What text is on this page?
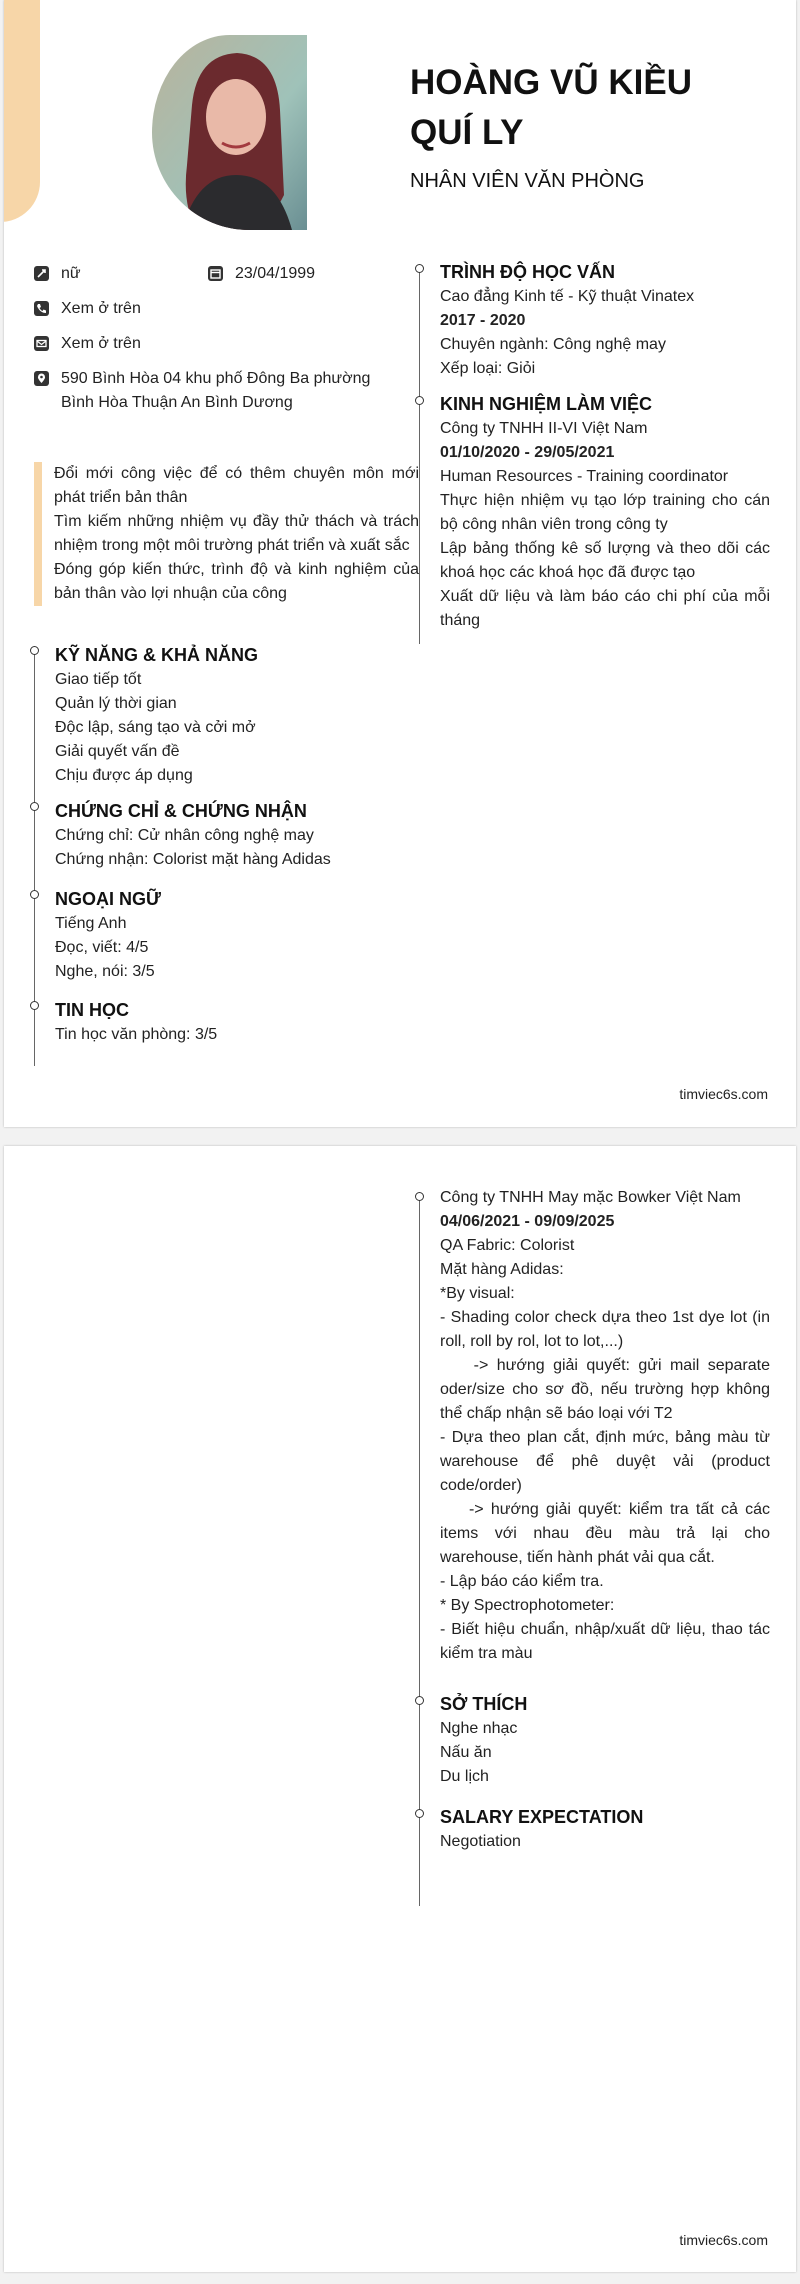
HOÀNG VŨ KIỀU QUÍ LY
NHÂN VIÊN VĂN PHÒNG
nữ	23/04/1999
Xem ở trên
Xem ở trên
590 Bình Hòa 04 khu phố Đông Ba phường Bình Hòa Thuận An Bình Dương

Đổi mới công việc để có thêm chuyên môn mới phát triển bản thân

Tìm kiếm những nhiệm vụ đầy thử thách và trách nhiệm trong một môi trường phát triển và xuất sắc

Đóng góp kiến thức, trình độ và kinh nghiệm của bản thân vào lợi nhuận của công

KỸ NĂNG & KHẢ NĂNG
Giao tiếp tốt
Quản lý thời gian
Độc lập, sáng tạo và cởi mở
Giải quyết vấn đề
Chịu được áp dụng
CHỨNG CHỈ & CHỨNG NHẬN
Chứng chỉ: Cử nhân công nghệ may
Chứng nhận: Colorist mặt hàng Adidas
NGOẠI NGỮ
Tiếng Anh
Đọc, viết: 4/5
Nghe, nói: 3/5
TIN HỌC
Tin học văn phòng: 3/5
TRÌNH ĐỘ HỌC VẤN
Cao đẳng Kinh tế - Kỹ thuật Vinatex
2017 - 2020
Chuyên ngành: Công nghệ may
Xếp loại: Giỏi
KINH NGHIỆM LÀM VIỆC
Công ty TNHH II-VI Việt Nam
01/10/2020 - 29/05/2021
Human Resources - Training coordinator
Thực hiện nhiệm vụ tạo lớp training cho cán bộ công nhân viên trong công ty
Lập bảng thống kê số lượng và theo dõi các khoá học các khoá học đã được tạo
Xuất dữ liệu và làm báo cáo chi phí của mỗi tháng
timviec6s.com
Công ty TNHH May mặc Bowker Việt Nam
04/06/2021 - 09/09/2025
QA Fabric: Colorist
Mặt hàng Adidas:
*By visual:
- Shading color check dựa theo 1st dye lot (in roll, roll by rol, lot to lot,...)
-> hướng giải quyết: gửi mail separate oder/size cho sơ đồ, nếu trường hợp không thể chấp nhận sẽ báo loại với T2
- Dựa theo plan cắt, định mức, bảng màu từ warehouse để phê duyệt vải (product code/order)
-> hướng giải quyết: kiểm tra tất cả các items với nhau đều màu trả lại cho warehouse, tiến hành phát vải qua cắt.
- Lập báo cáo kiểm tra.
* By Spectrophotometer:
- Biết hiệu chuẩn, nhập/xuất dữ liệu, thao tác kiểm tra màu
SỞ THÍCH
Nghe nhạc
Nấu ăn
Du lịch
SALARY EXPECTATION
Negotiation
timviec6s.com
